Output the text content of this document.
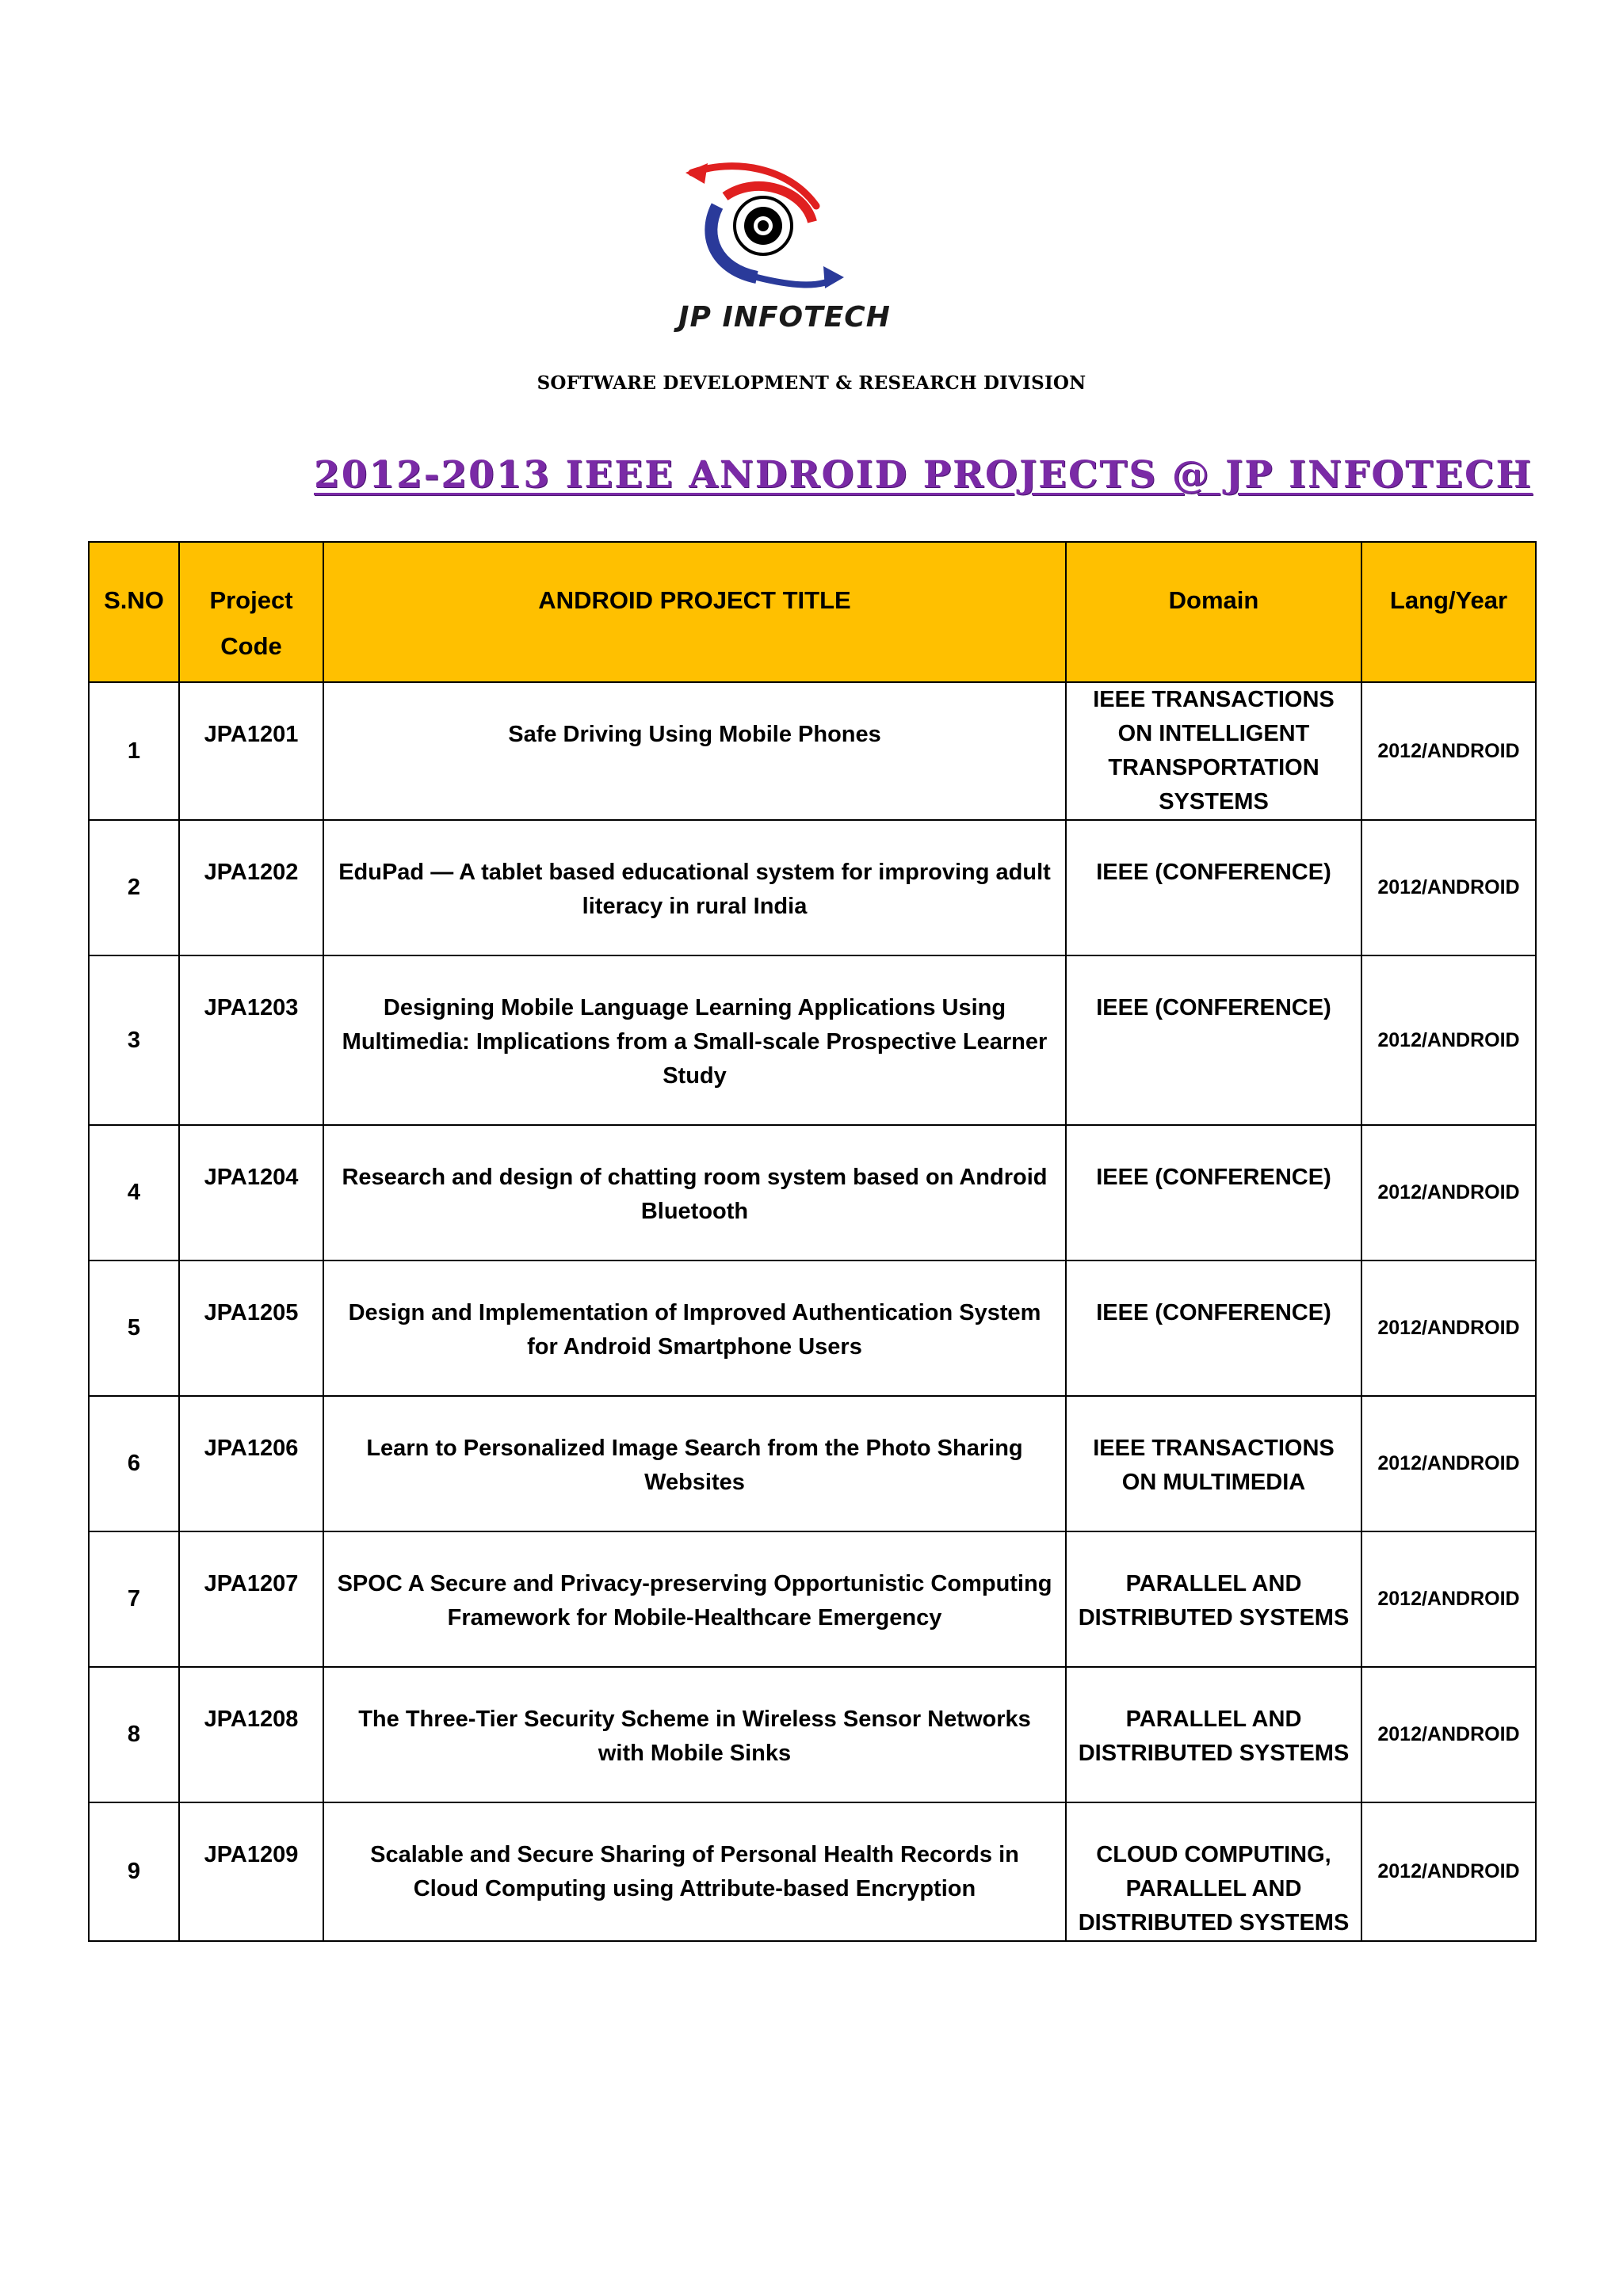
JP INFOTECH
SOFTWARE DEVELOPMENT & RESEARCH DIVISION
2012-2013 IEEE ANDROID PROJECTS @ JP INFOTECH
S.NO	Project Code	ANDROID PROJECT TITLE	Domain	Lang/Year
1	JPA1201	Safe Driving Using Mobile Phones	IEEE TRANSACTIONS ON INTELLIGENT TRANSPORTATION SYSTEMS	2012/ANDROID
2	JPA1202	EduPad — A tablet based educational system for improving adult literacy in rural India	IEEE (CONFERENCE)	2012/ANDROID
3	JPA1203	Designing Mobile Language Learning Applications Using Multimedia: Implications from a Small-scale Prospective Learner Study	IEEE (CONFERENCE)	2012/ANDROID
4	JPA1204	Research and design of chatting room system based on Android Bluetooth	IEEE (CONFERENCE)	2012/ANDROID
5	JPA1205	Design and Implementation of Improved Authentication System for Android Smartphone Users	IEEE (CONFERENCE)	2012/ANDROID
6	JPA1206	Learn to Personalized Image Search from the Photo Sharing Websites	IEEE TRANSACTIONS ON MULTIMEDIA	2012/ANDROID
7	JPA1207	SPOC A Secure and Privacy-preserving Opportunistic Computing Framework for Mobile-Healthcare Emergency	PARALLEL AND DISTRIBUTED SYSTEMS	2012/ANDROID
8	JPA1208	The Three-Tier Security Scheme in Wireless Sensor Networks with Mobile Sinks	PARALLEL AND DISTRIBUTED SYSTEMS	2012/ANDROID
9	JPA1209	Scalable and Secure Sharing of Personal Health Records in Cloud Computing using Attribute-based Encryption	CLOUD COMPUTING, PARALLEL AND DISTRIBUTED SYSTEMS	2012/ANDROID
